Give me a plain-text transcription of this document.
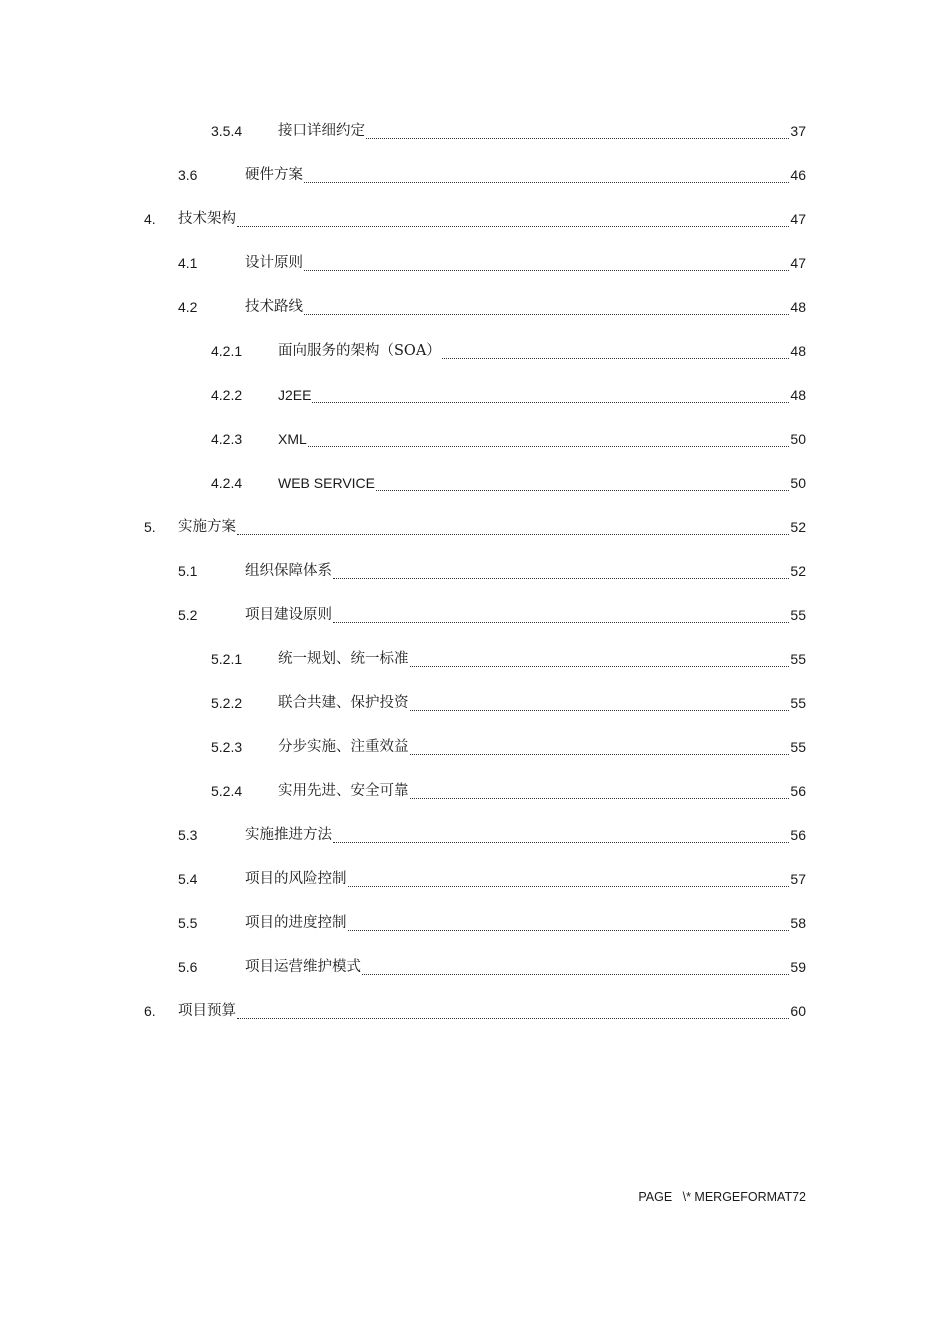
3.5.4	接口详细约定	37
3.6	硬件方案	46
4.	技术架构	47
4.1	设计原则	47
4.2	技术路线	48
4.2.1	面向服务的架构（SOA）	48
4.2.2	J2EE	48
4.2.3	XML	50
4.2.4	WEB SERVICE	50
5.	实施方案	52
5.1	组织保障体系	52
5.2	项目建设原则	55
5.2.1	统一规划、统一标准	55
5.2.2	联合共建、保护投资	55
5.2.3	分步实施、注重效益	55
5.2.4	实用先进、安全可靠	56
5.3	实施推进方法	56
5.4	项目的风险控制	57
5.5	项目的进度控制	58
5.6	项目运营维护模式	59
6.	项目预算	60
PAGE   \* MERGEFORMAT72
